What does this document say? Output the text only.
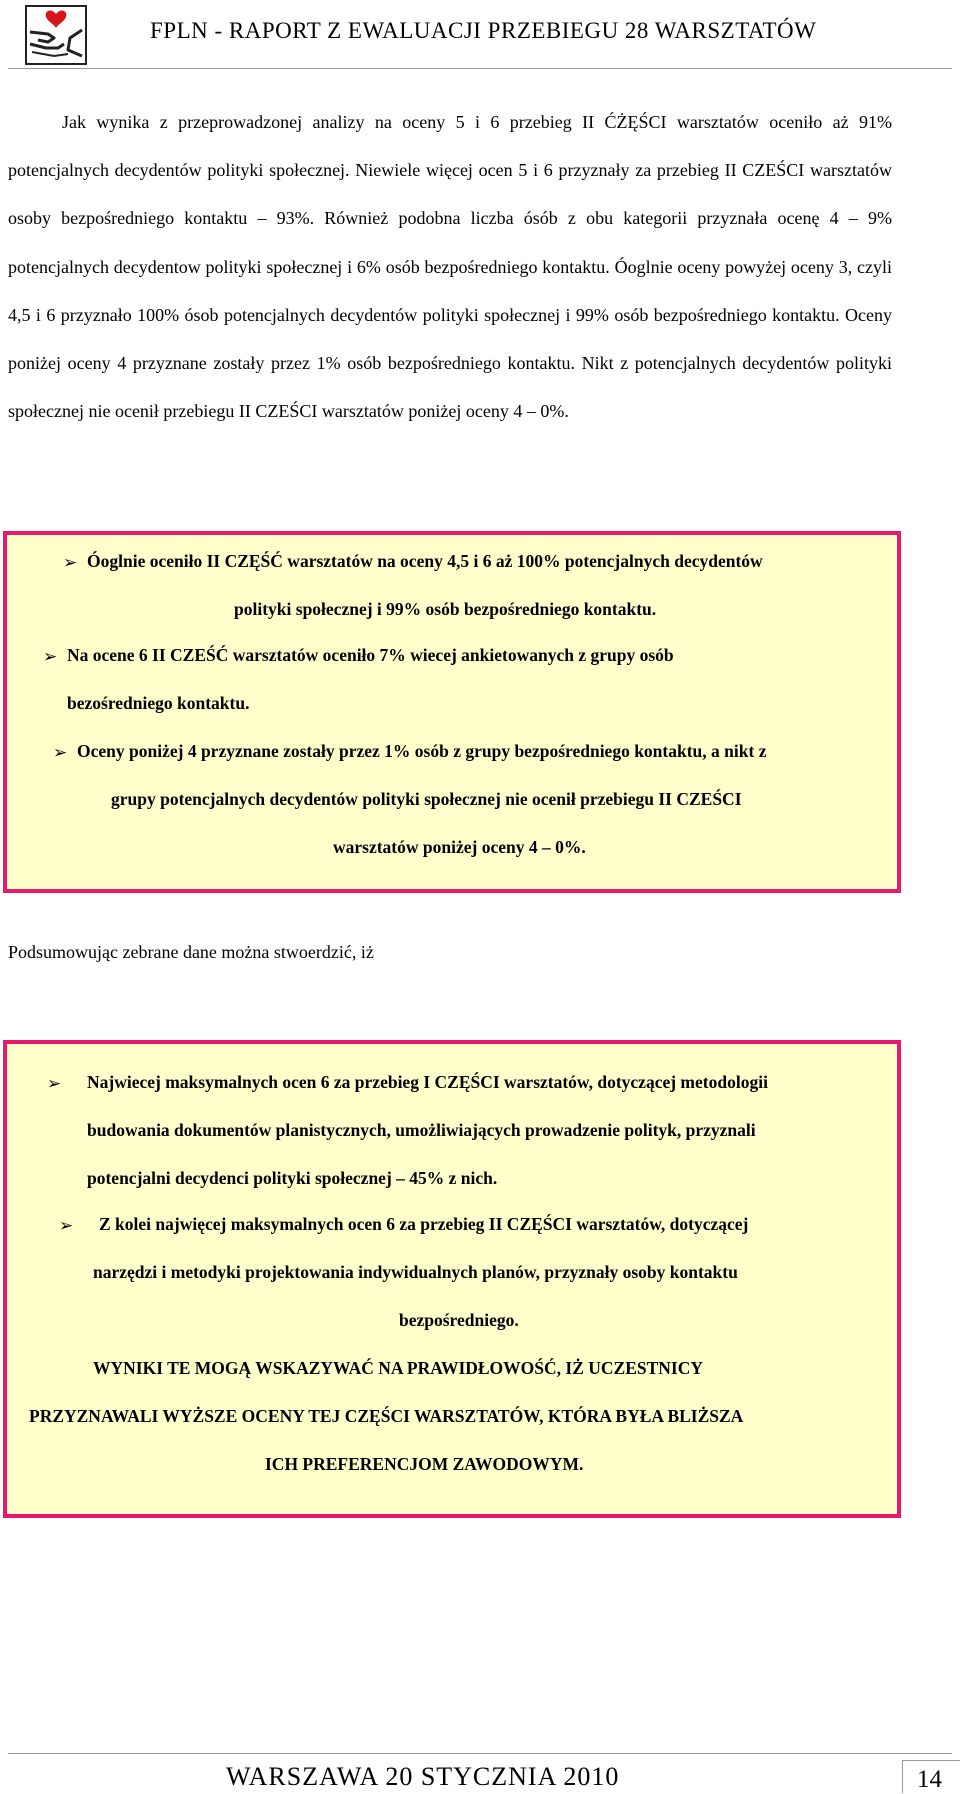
FPLN - RAPORT Z EWALUACJI PRZEBIEGU 28 WARSZTATÓW

Jak wynika z przeprowadzonej analizy na oceny 5 i 6 przebieg II ĆŻĘŚCI warsztatów oceniło aż 91% potencjalnych decydentów polityki społecznej. Niewiele więcej ocen 5 i 6 przyznały za przebieg II CZEŚCI warsztatów osoby bezpośredniego kontaktu – 93%. Również podobna liczba ósób z obu kategorii przyznała ocenę 4 – 9% potencjalnych decydentow polityki społecznej i 6% osób bezpośredniego kontaktu. Óoglnie oceny powyżej oceny 3, czyli 4,5 i 6 przyznało 100% ósob potencjalnych decydentów polityki społecznej i 99% osób bezpośredniego kontaktu. Oceny poniżej oceny 4 przyznane zostały przez 1% osób bezpośredniego kontaktu. Nikt z potencjalnych decydentów polityki społecznej nie ocenił przebiegu II CZEŚCI warsztatów poniżej oceny 4 – 0%.

➢ Óoglnie oceniło II CZĘŚĆ warsztatów na oceny 4,5 i 6 aż 100% potencjalnych decydentów
polityki społecznej i 99% osób bezpośredniego kontaktu.
➢ Na ocene 6 II CZEŚĆ warsztatów oceniło 7% wiecej ankietowanych z grupy osób
bezośredniego kontaktu.
➢ Oceny poniżej 4 przyznane zostały przez 1% osób z grupy bezpośredniego kontaktu, a nikt z
grupy potencjalnych decydentów polityki społecznej nie ocenił przebiegu II CZEŚCI
warsztatów poniżej oceny 4 – 0%.
Podsumowując zebrane dane można stwoerdzić, iż
➢ Najwiecej maksymalnych ocen 6 za przebieg I CZĘŚCI warsztatów, dotyczącej metodologii
budowania dokumentów planistycznych, umożliwiających prowadzenie polityk, przyznali
potencjalni decydenci polityki społecznej – 45% z nich.
➢ Z kolei najwięcej maksymalnych ocen 6 za przebieg II CZĘŚCI warsztatów, dotyczącej
narzędzi i metodyki projektowania indywidualnych planów, przyznały osoby kontaktu
bezpośredniego.
WYNIKI TE MOGĄ WSKAZYWAĆ NA PRAWIDŁOWOŚĆ, IŻ UCZESTNICY
PRZYZNAWALI WYŻSZE OCENY TEJ CZĘŚCI WARSZTATÓW, KTÓRA BYŁA BLIŻSZA
ICH PREFERENCJOM ZAWODOWYM.
WARSZAWA 20 STYCZNIA 2010	14
